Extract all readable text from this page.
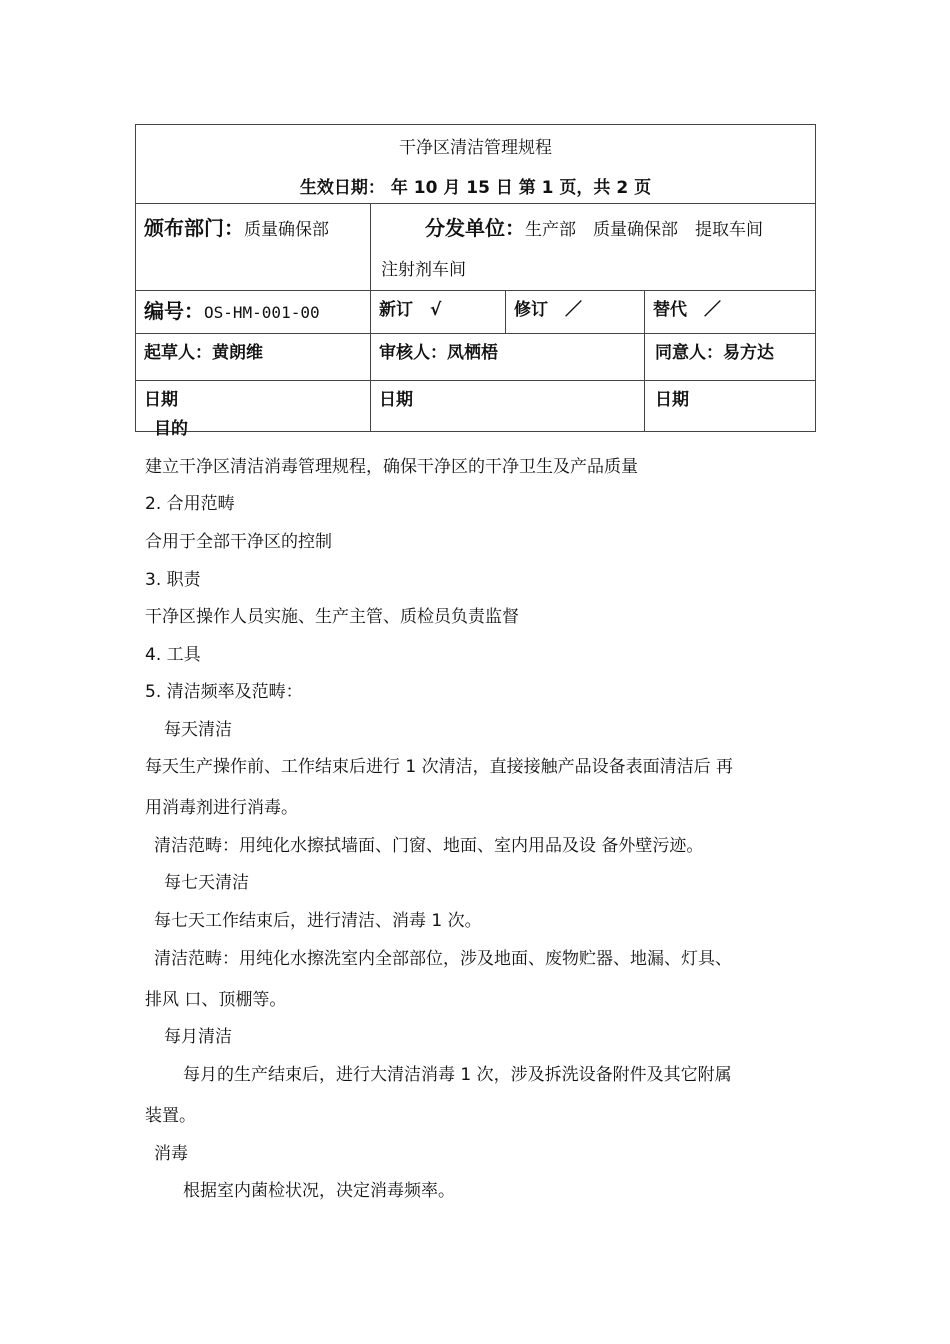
干净区清洁管理规程			
生效日期： 年 10 月 15 日 第 1 页，共 2 页			
颁布部门：质量确保部	分发单位：生产部　质量确保部　提取车间
注射剂车间		
编号：OS-HM-001-00	新订　√	修订　／	替代　／
起草人：黄朗维	审核人：凤栖梧		同意人：易方达
日期	日期		日期
目的
建立干净区清洁消毒管理规程，确保干净区的干净卫生及产品质量
2. 合用范畴
合用于全部干净区的控制
3. 职责
干净区操作人员实施、生产主管、质检员负责监督
4. 工具
5. 清洁频率及范畴：
每天清洁
每天生产操作前、工作结束后进行 1 次清洁，直接接触产品设备表面清洁后 再
用消毒剂进行消毒。
清洁范畴：用纯化水擦拭墙面、门窗、地面、室内用品及设 备外壁污迹。
每七天清洁
每七天工作结束后，进行清洁、消毒 1 次。
清洁范畴：用纯化水擦洗室内全部部位，涉及地面、废物贮器、地漏、灯具、
排风 口、顶棚等。
每月清洁
每月的生产结束后，进行大清洁消毒 1 次，涉及拆洗设备附件及其它附属
装置。
消毒
根据室内菌检状况，决定消毒频率。
